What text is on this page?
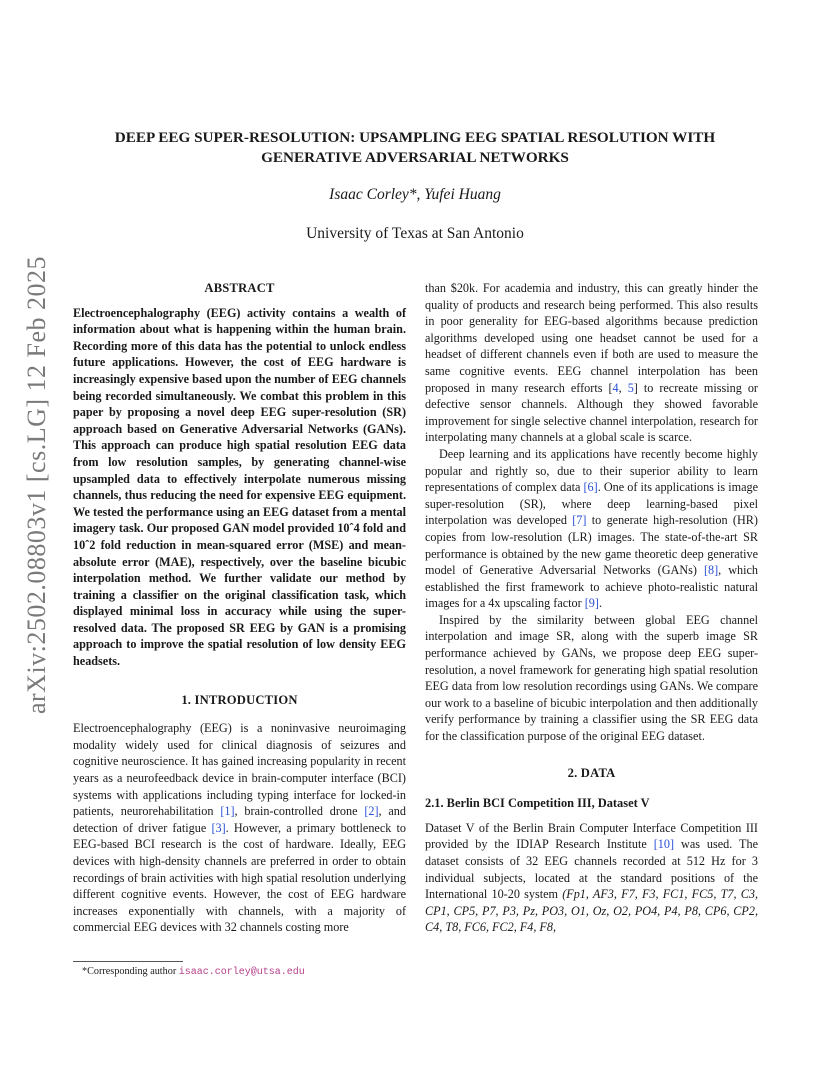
arXiv:2502.08803v1 [cs.LG] 12 Feb 2025
DEEP EEG SUPER-RESOLUTION: UPSAMPLING EEG SPATIAL RESOLUTION WITH GENERATIVE ADVERSARIAL NETWORKS
Isaac Corley*, Yufei Huang
University of Texas at San Antonio

ABSTRACT

Electroencephalography (EEG) activity contains a wealth of information about what is happening within the human brain. Recording more of this data has the potential to unlock endless future applications. However, the cost of EEG hardware is increasingly expensive based upon the number of EEG channels being recorded simultaneously. We combat this problem in this paper by proposing a novel deep EEG super-resolution (SR) approach based on Generative Adversarial Networks (GANs). This approach can produce high spatial resolution EEG data from low resolution samples, by generating channel-wise upsampled data to effectively interpolate numerous missing channels, thus reducing the need for expensive EEG equipment. We tested the performance using an EEG dataset from a mental imagery task. Our proposed GAN model provided 10ˆ4 fold and 10ˆ2 fold reduction in mean-squared error (MSE) and mean-absolute error (MAE), respectively, over the baseline bicubic interpolation method. We further validate our method by training a classifier on the original classification task, which displayed minimal loss in accuracy while using the super-resolved data. The proposed SR EEG by GAN is a promising approach to improve the spatial resolution of low density EEG headsets.

1. INTRODUCTION

Electroencephalography (EEG) is a noninvasive neuroimaging modality widely used for clinical diagnosis of seizures and cognitive neuroscience. It has gained increasing popularity in recent years as a neurofeedback device in brain-computer interface (BCI) systems with applications including typing interface for locked-in patients, neurorehabilitation [1], brain-controlled drone [2], and detection of driver fatigue [3]. However, a primary bottleneck to EEG-based BCI research is the cost of hardware. Ideally, EEG devices with high-density channels are preferred in order to obtain recordings of brain activities with high spatial resolution underlying different cognitive events. However, the cost of EEG hardware increases exponentially with channels, with a majority of commercial EEG devices with 32 channels costing more

than $20k. For academia and industry, this can greatly hinder the quality of products and research being performed. This also results in poor generality for EEG-based algorithms because prediction algorithms developed using one headset cannot be used for a headset of different channels even if both are used to measure the same cognitive events. EEG channel interpolation has been proposed in many research efforts [4, 5] to recreate missing or defective sensor channels. Although they showed favorable improvement for single selective channel interpolation, research for interpolating many channels at a global scale is scarce.

Deep learning and its applications have recently become highly popular and rightly so, due to their superior ability to learn representations of complex data [6]. One of its applications is image super-resolution (SR), where deep learning-based pixel interpolation was developed [7] to generate high-resolution (HR) copies from low-resolution (LR) images. The state-of-the-art SR performance is obtained by the new game theoretic deep generative model of Generative Adversarial Networks (GANs) [8], which established the first framework to achieve photo-realistic natural images for a 4x upscaling factor [9].

Inspired by the similarity between global EEG channel interpolation and image SR, along with the superb image SR performance achieved by GANs, we propose deep EEG super-resolution, a novel framework for generating high spatial resolution EEG data from low resolution recordings using GANs. We compare our work to a baseline of bicubic interpolation and then additionally verify performance by training a classifier using the SR EEG data for the classification purpose of the original EEG dataset.

2. DATA

2.1. Berlin BCI Competition III, Dataset V

Dataset V of the Berlin Brain Computer Interface Competition III provided by the IDIAP Research Institute [10] was used. The dataset consists of 32 EEG channels recorded at 512 Hz for 3 individual subjects, located at the standard positions of the International 10-20 system (Fp1, AF3, F7, F3, FC1, FC5, T7, C3, CP1, CP5, P7, P3, Pz, PO3, O1, Oz, O2, PO4, P4, P8, CP6, CP2, C4, T8, FC6, FC2, F4, F8,

*Corresponding author isaac.corley@utsa.edu
